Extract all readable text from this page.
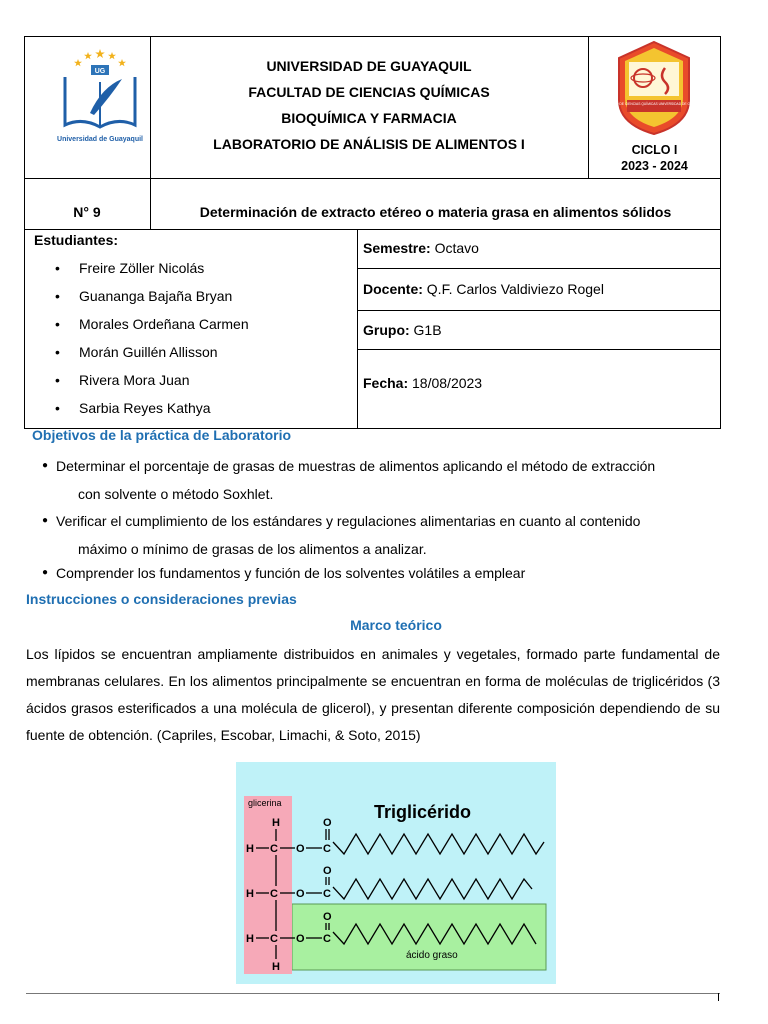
UG
Universidad de Guayaquil
FACULTAD DE CIENCIAS QUÍMICAS UNIVERSIDAD DE GUAYAQUIL
UNIVERSIDAD DE GUAYAQUIL
FACULTAD DE CIENCIAS QUÍMICAS
BIOQUÍMICA Y FARMACIA
LABORATORIO DE ANÁLISIS DE ALIMENTOS I	CICLO I
2023 - 2024
N° 9	Determinación de extracto etéreo o materia grasa en alimentos sólidos
Estudiantes:
• Freire Zöller Nicolás
• Guananga Bajaña Bryan
• Morales Ordeñana Carmen
• Morán Guillén Allisson
• Rivera Mora Juan
• Sarbia Reyes Kathya
Semestre: Octavo
Docente: Q.F. Carlos Valdiviezo Rogel
Grupo: G1B
Fecha: 18/08/2023
Objetivos de la práctica de Laboratorio
● Determinar el porcentaje de grasas de muestras de alimentos aplicando el método de extracción
con solvente o método Soxhlet.
● Verificar el cumplimiento de los estándares y regulaciones alimentarias en cuanto al contenido
máximo o mínimo de grasas de los alimentos a analizar.
● Comprender los fundamentos y función de los solventes volátiles a emplear
Instrucciones o consideraciones previas
Marco teórico
Los lípidos se encuentran ampliamente distribuidos en animales y vegetales, formado parte fundamental de membranas celulares. En los alimentos principalmente se encuentran en forma de moléculas de triglicéridos (3 ácidos grasos esterificados a una molécula de glicerol), y presentan diferente composición dependiendo de su fuente de obtención. (Capriles, Escobar, Limachi, & Soto, 2015)
glicerina	Triglicérido
ácido graso
H
H
H C O C
O
H C O C
O
H C O C
O
